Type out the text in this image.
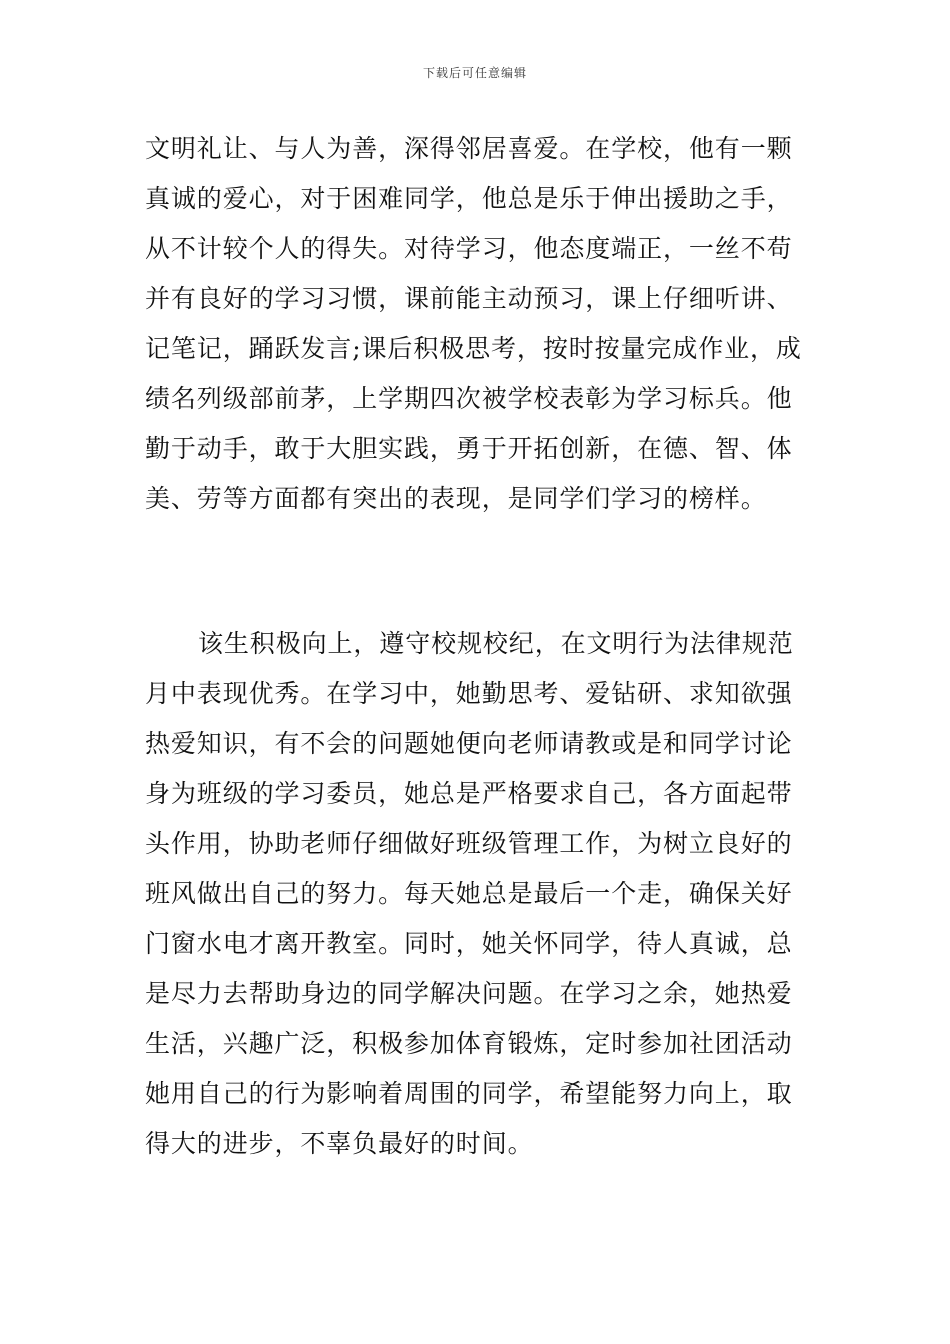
下载后可任意编辑
文明礼让、与人为善，深得邻居喜爱。在学校，他有一颗
真诚的爱心，对于困难同学，他总是乐于伸出援助之手，
从不计较个人的得失。对待学习，他态度端正，一丝不苟
并有良好的学习习惯，课前能主动预习，课上仔细听讲、
记笔记，踊跃发言;课后积极思考，按时按量完成作业，成
绩名列级部前茅，上学期四次被学校表彰为学习标兵。他
勤于动手，敢于大胆实践，勇于开拓创新，在德、智、体
美、劳等方面都有突出的表现，是同学们学习的榜样。
该生积极向上，遵守校规校纪，在文明行为法律规范
月中表现优秀。在学习中，她勤思考、爱钻研、求知欲强
热爱知识，有不会的问题她便向老师请教或是和同学讨论
身为班级的学习委员，她总是严格要求自己，各方面起带
头作用，协助老师仔细做好班级管理工作，为树立良好的
班风做出自己的努力。每天她总是最后一个走，确保关好
门窗水电才离开教室。同时，她关怀同学，待人真诚，总
是尽力去帮助身边的同学解决问题。在学习之余，她热爱
生活，兴趣广泛，积极参加体育锻炼，定时参加社团活动
她用自己的行为影响着周围的同学，希望能努力向上，取
得大的进步，不辜负最好的时间。
